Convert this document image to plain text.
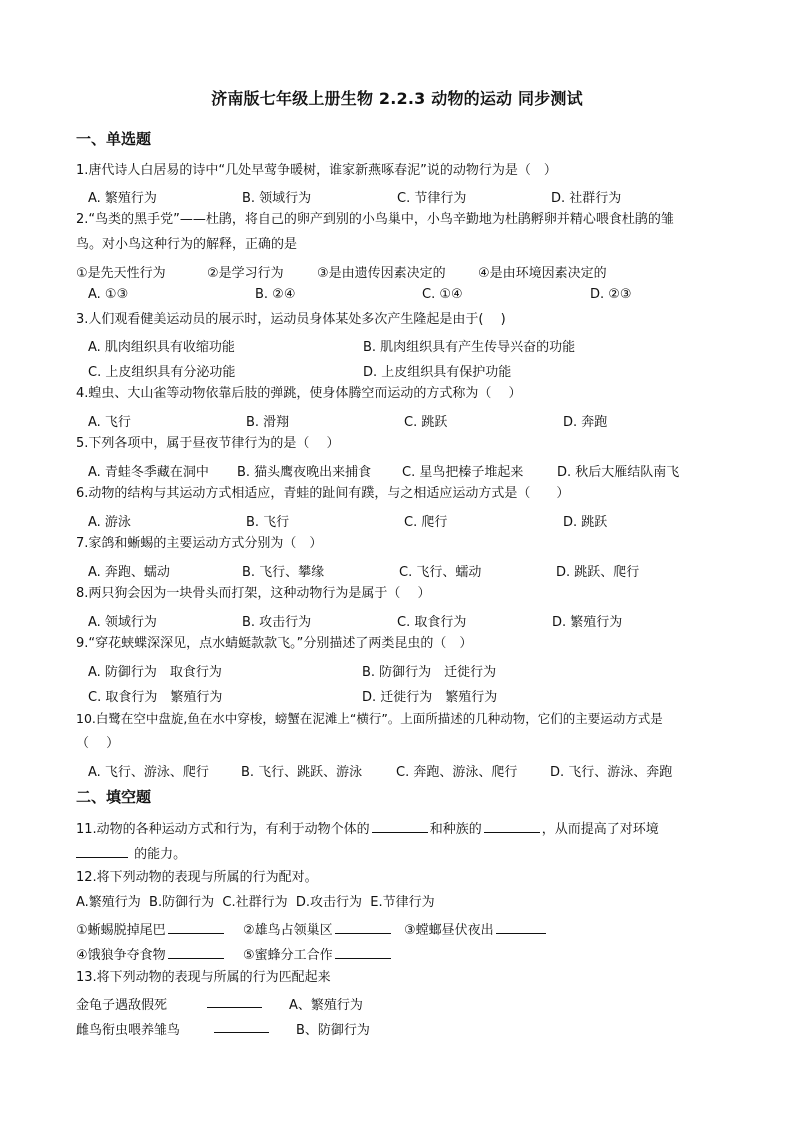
济南版七年级上册生物 2.2.3 动物的运动 同步测试
一、单选题
1.唐代诗人白居易的诗中“几处早莺争暖树，谁家新燕啄春泥”说的动物行为是（　）
A. 繁殖行为	B. 领域行为	C. 节律行为	D. 社群行为
2.“鸟类的黑手党”——杜鹃，将自己的卵产到别的小鸟巢中，小鸟辛勤地为杜鹃孵卵并精心喂食杜鹃的雏
鸟。对小鸟这种行为的解释，正确的是
①是先天性行为	②是学习行为	③是由遗传因素决定的 ④是由环境因素决定的
A. ①③	B. ②④	C. ①④	D. ②③
3.人们观看健美运动员的展示时，运动员身体某处多次产生隆起是由于(　 )
A. 肌肉组织具有收缩功能	B. 肌肉组织具有产生传导兴奋的功能
C. 上皮组织具有分泌功能	D. 上皮组织具有保护功能
4.蝗虫、大山雀等动物依靠后肢的弹跳，使身体腾空而运动的方式称为（　 ）
A. 飞行	B. 滑翔	C. 跳跃	D. 奔跑
5.下列各项中，属于昼夜节律行为的是（　 ）
A. 青蛙冬季藏在洞中 B. 猫头鹰夜晚出来捕食 C. 星鸟把榛子堆起来	D. 秋后大雁结队南飞
6.动物的结构与其运动方式相适应，青蛙的趾间有蹼，与之相适应运动方式是（　　）
A. 游泳	B. 飞行	C. 爬行	D. 跳跃
7.家鸽和蜥蜴的主要运动方式分别为（　）
A. 奔跑、蠕动	B. 飞行、攀缘	C. 飞行、蠕动	D. 跳跃、爬行
8.两只狗会因为一块骨头而打架，这种动物行为是属于（　 ）
A. 领域行为	B. 攻击行为	C. 取食行为	D. 繁殖行为
9.“穿花蛱蝶深深见，点水蜻蜓款款飞。”分别描述了两类昆虫的（　）
A. 防御行为　取食行为	B. 防御行为　迁徙行为
C. 取食行为　繁殖行为	D. 迁徙行为　繁殖行为
10.白鹭在空中盘旋,鱼在水中穿梭，螃蟹在泥滩上“横行”。上面所描述的几种动物，它们的主要运动方式是
（　 ）
A. 飞行、游泳、爬行 B. 飞行、跳跃、游泳	C. 奔跑、游泳、爬行	D. 飞行、游泳、奔跑
二、填空题
11.动物的各种运动方式和行为，有利于动物个体的	和种族的	，从而提高了对环境
的能力。
12.将下列动物的表现与所属的行为配对。
A.繁殖行为  B.防御行为  C.社群行为  D.攻击行为  E.节律行为
①蜥蜴脱掉尾巴	②雄鸟占领巢区	③螳螂昼伏夜出
④饿狼争夺食物	⑤蜜蜂分工合作
13.将下列动物的表现与所属的行为匹配起来
金龟子遇敌假死	A、繁殖行为
雌鸟衔虫喂养雏鸟	B、防御行为
